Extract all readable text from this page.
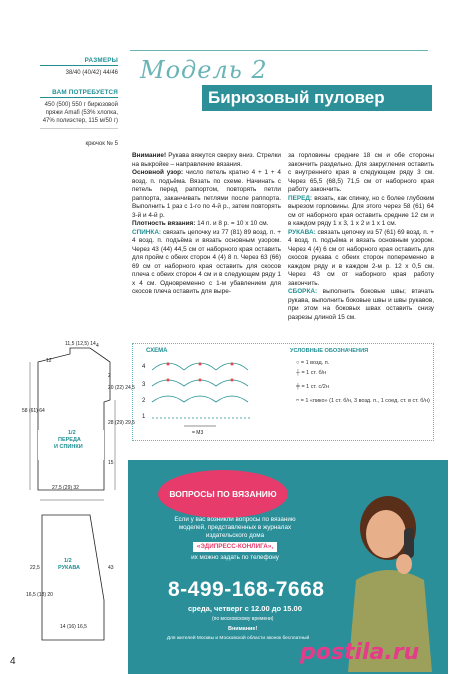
РАЗМЕРЫ
38/40 (40/42) 44/46
ВАМ ПОТРЕБУЕТСЯ
450 (500) 550 г бирюзовой
пряжи Amafi (53% хлопка,
47% полиэстер, 115 м/50 г)
крючок № 5
Модель 2
Бирюзовый пуловер
Внимание! Рукава вяжутся сверху вниз. Стрелки на выкройке – направление вязания.
Основной узор: число петель кратно 4 + 1 + 4 возд. п. подъёма. Вязать по схеме. Начинать с петель перед раппортом, повторять петли раппорта, заканчивать петлями после раппорта. Выполнить 1 раз с 1-го по 4-й р., затем повторять 3-й и 4-й р.
Плотность вязания: 14 п. и 8 р. = 10 х 10 см.
СПИНКА: связать цепочку из 77 (81) 89 возд. п. + 4 возд. п. подъёма и вязать основным узором. Через 43 (44) 44,5 см от наборного края оставить для пройм с обеих сторон 4 (4) 8 п. Через 63 (66) 69 см от наборного края оставить для скосов плеча с обеих сторон 4 см и в следующем ряду 1 х 4 см. Одновременно с 1-м убавлением для скосов плеча оставить для выре-
за горловины средние 18 см и обе стороны закончить раздельно. Для закругления оставить с внутреннего края в следующем ряду 3 см. Через 65,5 (68,5) 71,5 см от наборного края работу закончить.
ПЕРЕД: вязать, как спинку, но с более глубоким вырезом горловины. Для этого через 58 (61) 64 см от наборного края оставить средние 12 см и в каждом ряду 1 х 3, 1 х 2 и 1 х 1 см.
РУКАВА: связать цепочку из 57 (61) 69 возд. п. + 4 возд. п. подъёма и вязать основным узором. Через 4 (4) 6 см от наборного края оставить для скосов рукава с обеих сторон попеременно в каждом ряду и в каждом 2-м р. 12 х 0,5 см. Через 43 см от наборного края работу закончить.
СБОРКА: выполнить боковые швы; втачать рукава, выполнить боковые швы и швы рукавов, при этом на боковых швах оставить снизу разрезы длиной 15 см.
СХЕМА
4
3
2
1
= М3
УСЛОВНЫЕ ОБОЗНАЧЕНИЯ
○ = 1 возд. п.
┼ = 1 ст. б/н
╪ = 1 ст. с/2н
ᴖ = 1 «пико» (1 ст. б/н, 3 возд. п., 1 соед. ст. в ст. б/н)
1/2 ПЕРЕДА И СПИНКИ
1/2 РУКАВА
11,5 (12,5) 14 4
12
2
20 (22) 24,5
58 (61) 64
28 (29) 29,5
15
27,5 (29) 32
22,5	43
16,5 (18) 20
14 (16) 16,5
ВОПРОСЫ ПО ВЯЗАНИЮ
Если у вас возникли вопросы по вязанию
моделей, представленных в журналах
издательского дома
«ЭДИПРЕСС-КОНЛИГА»,
их можно задать по телефону
8-499-168-7668
среда, четверг с 12.00 до 15.00
(по московскому времени)
Внимание!
Для жителей Москвы и Московской области звонок бесплатный
4	postila.ru
